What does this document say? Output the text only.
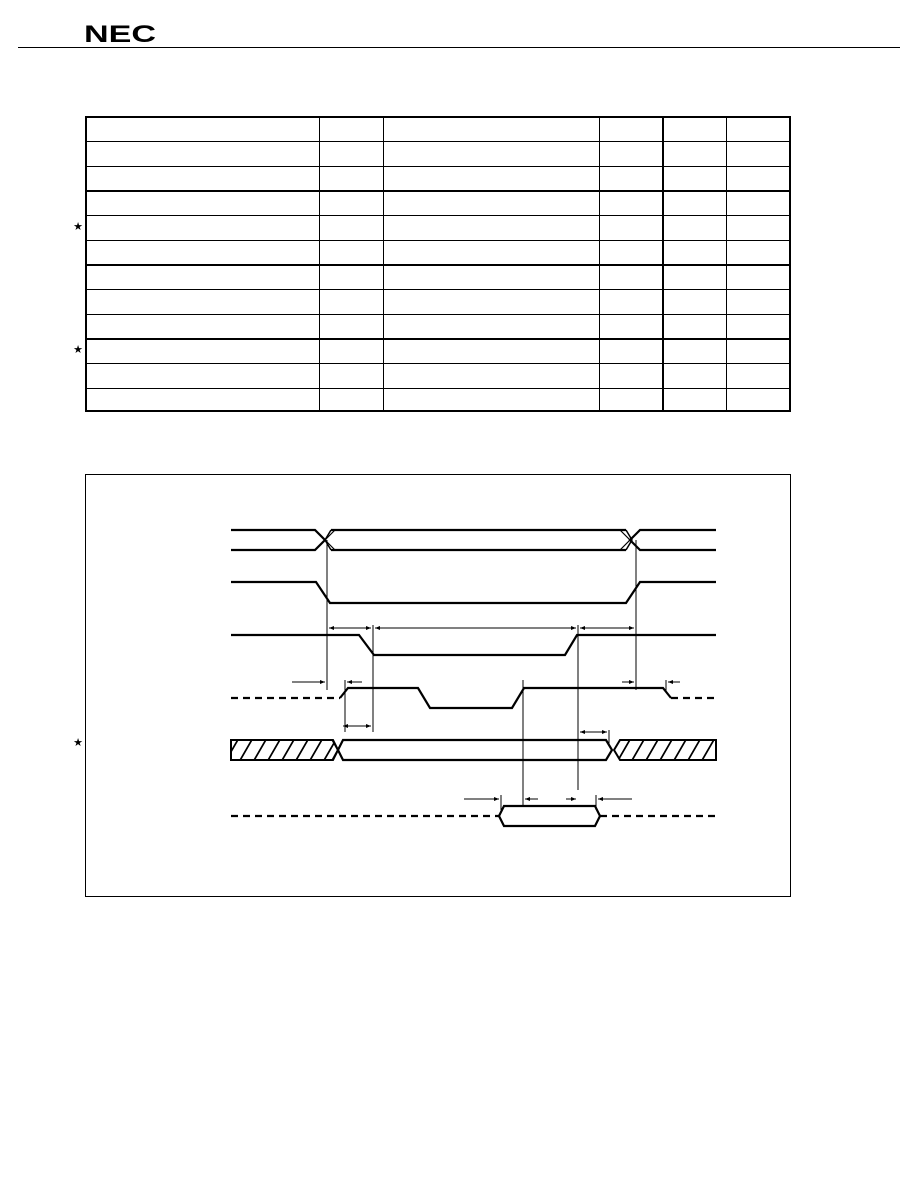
NEC
★
★
★
